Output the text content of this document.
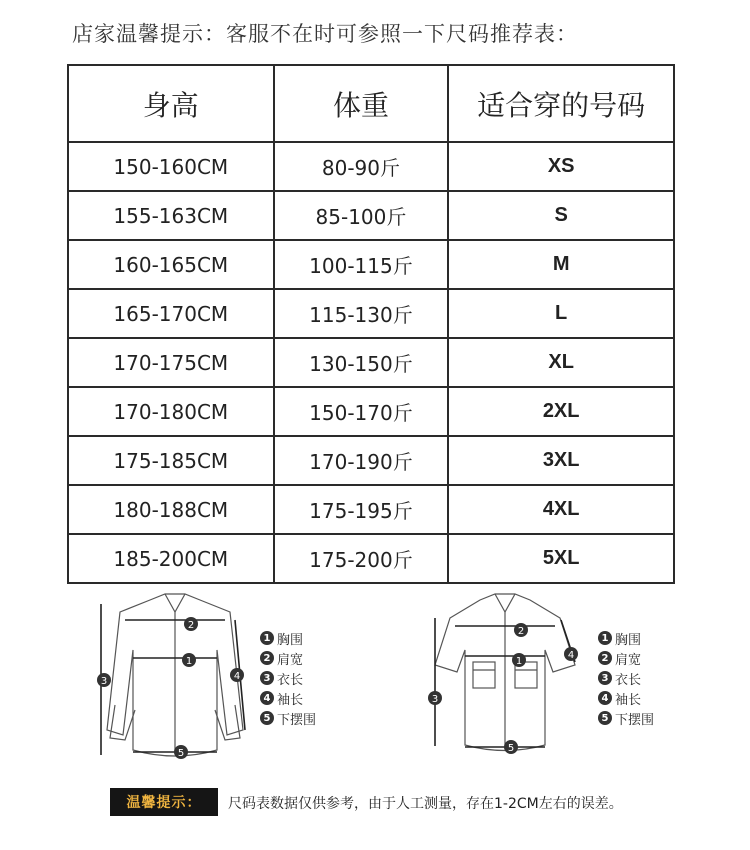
店家温馨提示：客服不在时可参照一下尺码推荐表：
身高	体重	适合穿的号码
150-160CM	80-90斤	XS
155-163CM	85-100斤	S
160-165CM	100-115斤	M
165-170CM	115-130斤	L
170-175CM	130-150斤	XL
170-180CM	150-170斤	2XL
175-185CM	170-190斤	3XL
180-188CM	175-195斤	4XL
185-200CM	175-200斤	5XL
2
1
3	4
5
1 胸围
2 肩宽
3 衣长
4 袖长
5 下摆围
2
1
3
4
5
1 胸围
2 肩宽
3 衣长
4 袖长
5 下摆围
温馨提示：	尺码表数据仅供参考，由于人工测量，存在1-2CM左右的误差。
